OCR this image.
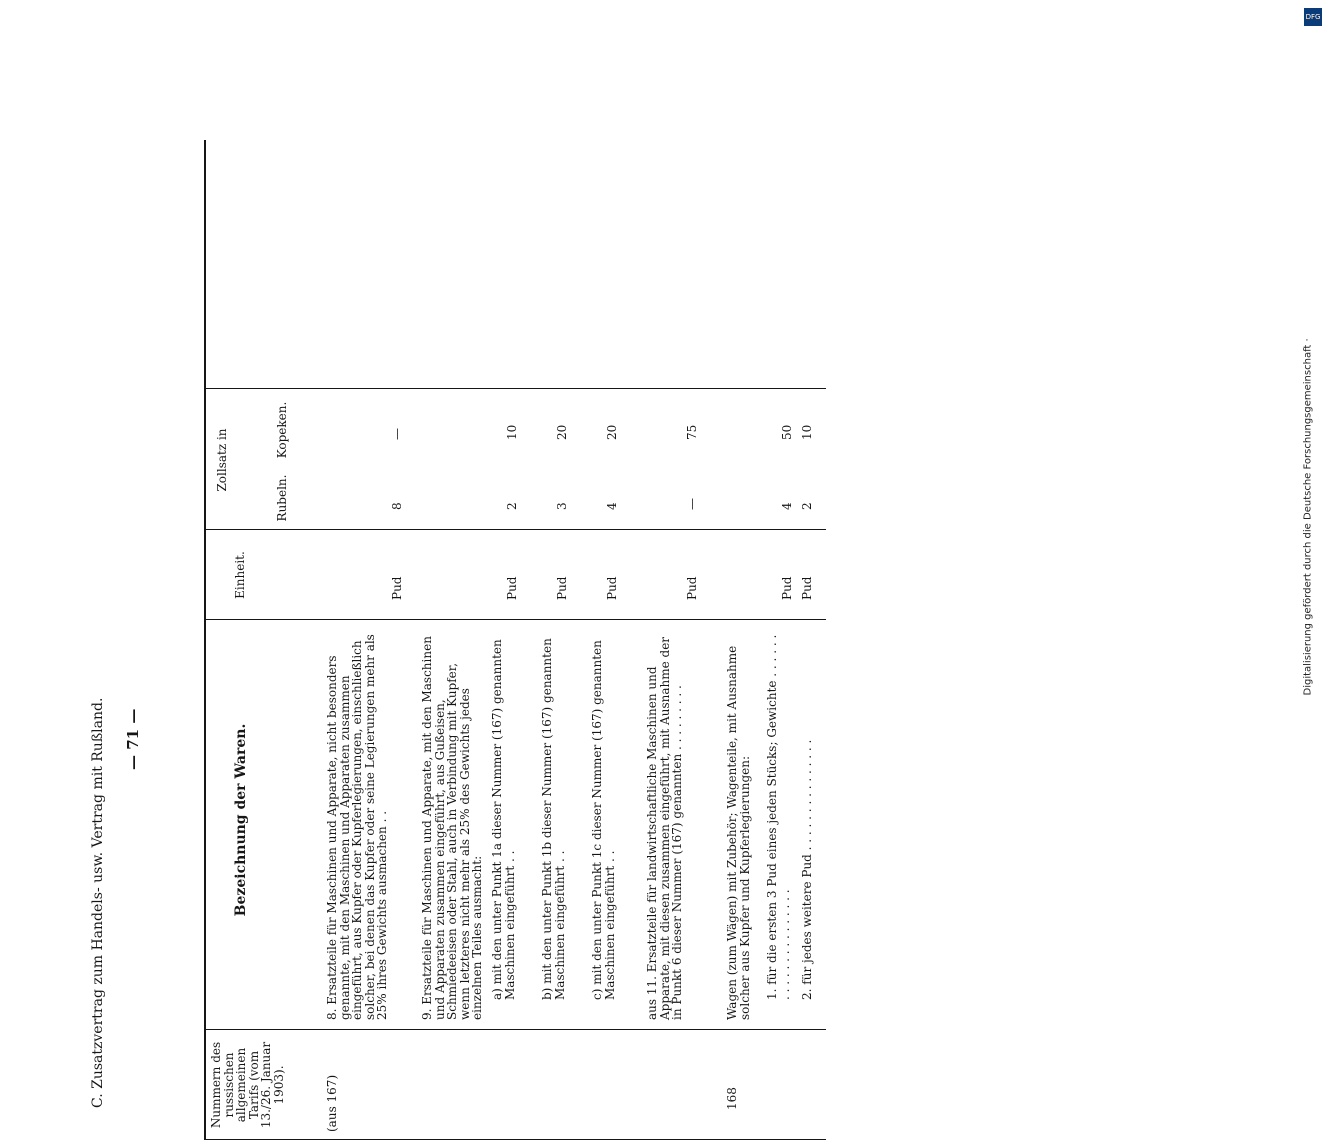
C. Zusatzvertrag zum Handels- usw. Vertrag mit Rußland. — 71 —
Nummern des russischen allgemeinen Tarifs (vom 13./26. Januar 1903).
Bezeichnung der Waren.
Einheit.
Zollsatz in
Rubeln.
Kopeken.
(aus 167)
8. Ersatzteile für Maschinen und Apparate, nicht besonders genannte, mit den Maschinen und Apparaten zusammen eingeführt, aus Kupfer oder Kupferlegierungen, einschließlich solcher, bei denen das Kupfer oder seine Legierungen mehr als 25% ihres Gewichts ausmachen . .
Pud
8
—
9. Ersatzteile für Maschinen und Apparate, mit den Maschinen und Apparaten zusammen eingeführt, aus Gußeisen, Schmiedeeisen oder Stahl, auch in Verbindung mit Kupfer, wenn letzteres nicht mehr als 25% des Gewichts jedes einzelnen Teiles ausmacht: a) mit den unter Punkt 1a dieser Nummer (167) genannten Maschinen eingeführt . .
Pud
2
10
b) mit den unter Punkt 1b dieser Nummer (167) genannten Maschinen eingeführt . .
Pud
3
20
c) mit den unter Punkt 1c dieser Nummer (167) genannten Maschinen eingeführt . .
Pud
4
20
aus 11. Ersatzteile für landwirtschaftliche Maschinen und Apparate, mit diesen zusammen eingeführt, mit Ausnahme der in Punkt 6 dieser Nummer (167) genannten . . . . . . . . .
Pud
—
75
168
Wagen (zum Wägen) mit Zubehör; Wagenteile, mit Ausnahme solcher aus Kupfer und Kupferlegierungen: 1. für die ersten 3 Pud eines jeden Stücks; Gewichte . . . . . . . . . . . . . . . . . . . . .
Pud
4
50
2. für jedes weitere Pud . . . . . . . . . . . . . . .
Pud
2
10	Digitalisierung gefördert durch die Deutsche Forschungsgemeinschaft ·
DFG
